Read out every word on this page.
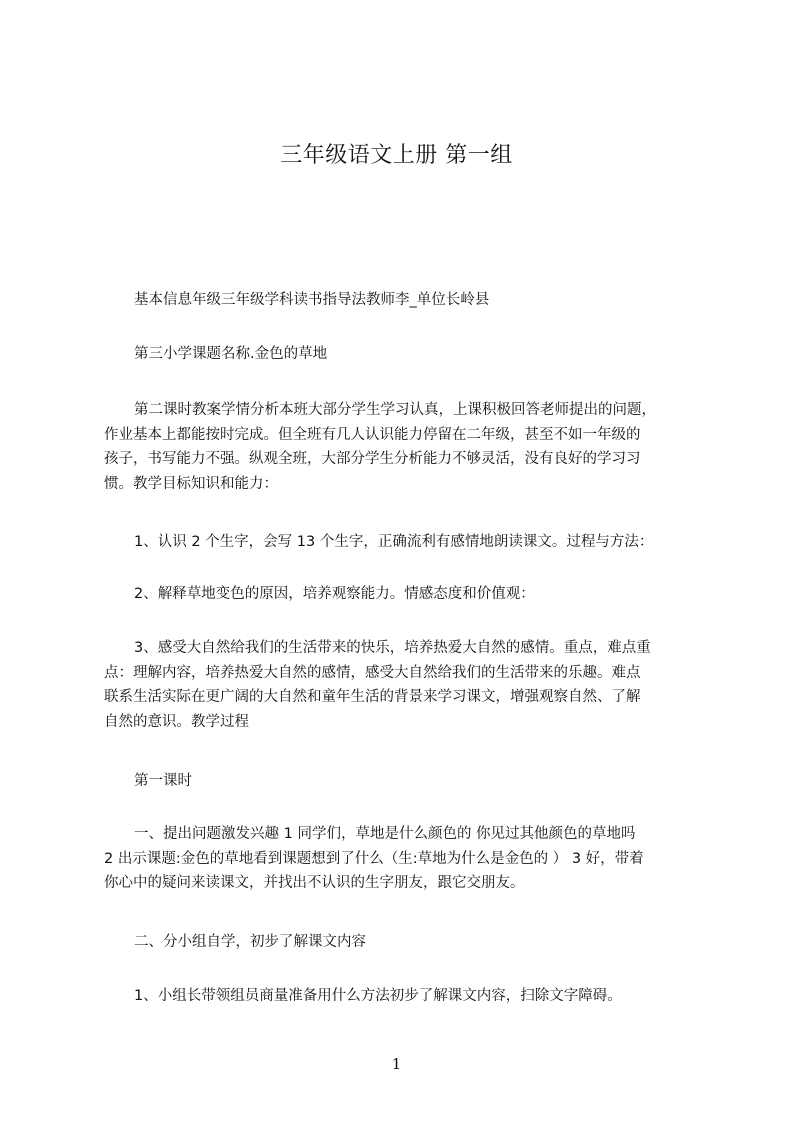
三年级语文上册 第一组
基本信息年级三年级学科读书指导法教师李_单位长岭县
第三小学课题名称.金色的草地
第二课时教案学情分析本班大部分学生学习认真，上课积极回答老师提出的问题，
作业基本上都能按时完成。但全班有几人认识能力停留在二年级，甚至不如一年级的
孩子，书写能力不强。纵观全班，大部分学生分析能力不够灵活，没有良好的学习习
惯。教学目标知识和能力：
1、认识 2 个生字，会写 13 个生字，正确流利有感情地朗读课文。过程与方法：
2、解释草地变色的原因，培养观察能力。情感态度和价值观：
3、感受大自然给我们的生活带来的快乐，培养热爱大自然的感情。重点，难点重
点：理解内容，培养热爱大自然的感情，感受大自然给我们的生活带来的乐趣。难点
联系生活实际在更广阔的大自然和童年生活的背景来学习课文，增强观察自然、了解
自然的意识。教学过程
第一课时
一、提出问题激发兴趣 1 同学们，草地是什么颜色的 你见过其他颜色的草地吗
2 出示课题:金色的草地看到课题想到了什么（生:草地为什么是金色的 ） 3 好，带着
你心中的疑问来读课文，并找出不认识的生字朋友，跟它交朋友。
二、分小组自学，初步了解课文内容
1、小组长带领组员商量准备用什么方法初步了解课文内容，扫除文字障碍。
1
